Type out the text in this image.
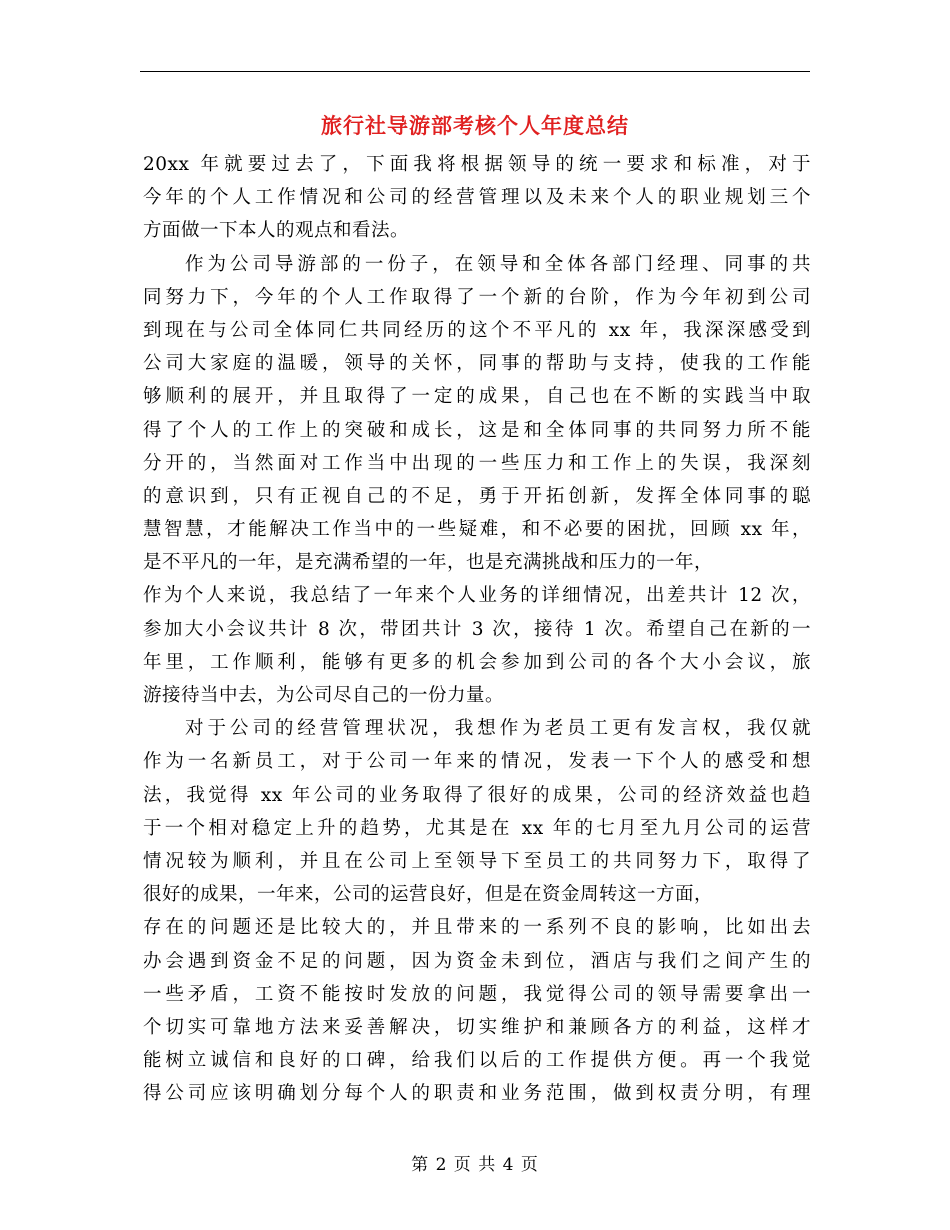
旅行社导游部考核个人年度总结
20xx 年就要过去了，下面我将根据领导的统一要求和标准，对于
今年的个人工作情况和公司的经营管理以及未来个人的职业规划三个
方面做一下本人的观点和看法。
作为公司导游部的一份子，在领导和全体各部门经理、同事的共
同努力下，今年的个人工作取得了一个新的台阶，作为今年初到公司
到现在与公司全体同仁共同经历的这个不平凡的 xx 年，我深深感受到
公司大家庭的温暖，领导的关怀，同事的帮助与支持，使我的工作能
够顺利的展开，并且取得了一定的成果，自己也在不断的实践当中取
得了个人的工作上的突破和成长，这是和全体同事的共同努力所不能
分开的，当然面对工作当中出现的一些压力和工作上的失误，我深刻
的意识到，只有正视自己的不足，勇于开拓创新，发挥全体同事的聪
慧智慧，才能解决工作当中的一些疑难，和不必要的困扰，回顾 xx 年，
是不平凡的一年，是充满希望的一年，也是充满挑战和压力的一年，
作为个人来说，我总结了一年来个人业务的详细情况，出差共计 12 次，
参加大小会议共计 8 次，带团共计 3 次，接待 1 次。希望自己在新的一
年里，工作顺利，能够有更多的机会参加到公司的各个大小会议，旅
游接待当中去，为公司尽自己的一份力量。
对于公司的经营管理状况，我想作为老员工更有发言权，我仅就
作为一名新员工，对于公司一年来的情况，发表一下个人的感受和想
法，我觉得 xx 年公司的业务取得了很好的成果，公司的经济效益也趋
于一个相对稳定上升的趋势，尤其是在 xx 年的七月至九月公司的运营
情况较为顺利，并且在公司上至领导下至员工的共同努力下，取得了
很好的成果，一年来，公司的运营良好，但是在资金周转这一方面，
存在的问题还是比较大的，并且带来的一系列不良的影响，比如出去
办会遇到资金不足的问题，因为资金未到位，酒店与我们之间产生的
一些矛盾，工资不能按时发放的问题，我觉得公司的领导需要拿出一
个切实可靠地方法来妥善解决，切实维护和兼顾各方的利益，这样才
能树立诚信和良好的口碑，给我们以后的工作提供方便。再一个我觉
得公司应该明确划分每个人的职责和业务范围，做到权责分明，有理
第 2 页 共 4 页
